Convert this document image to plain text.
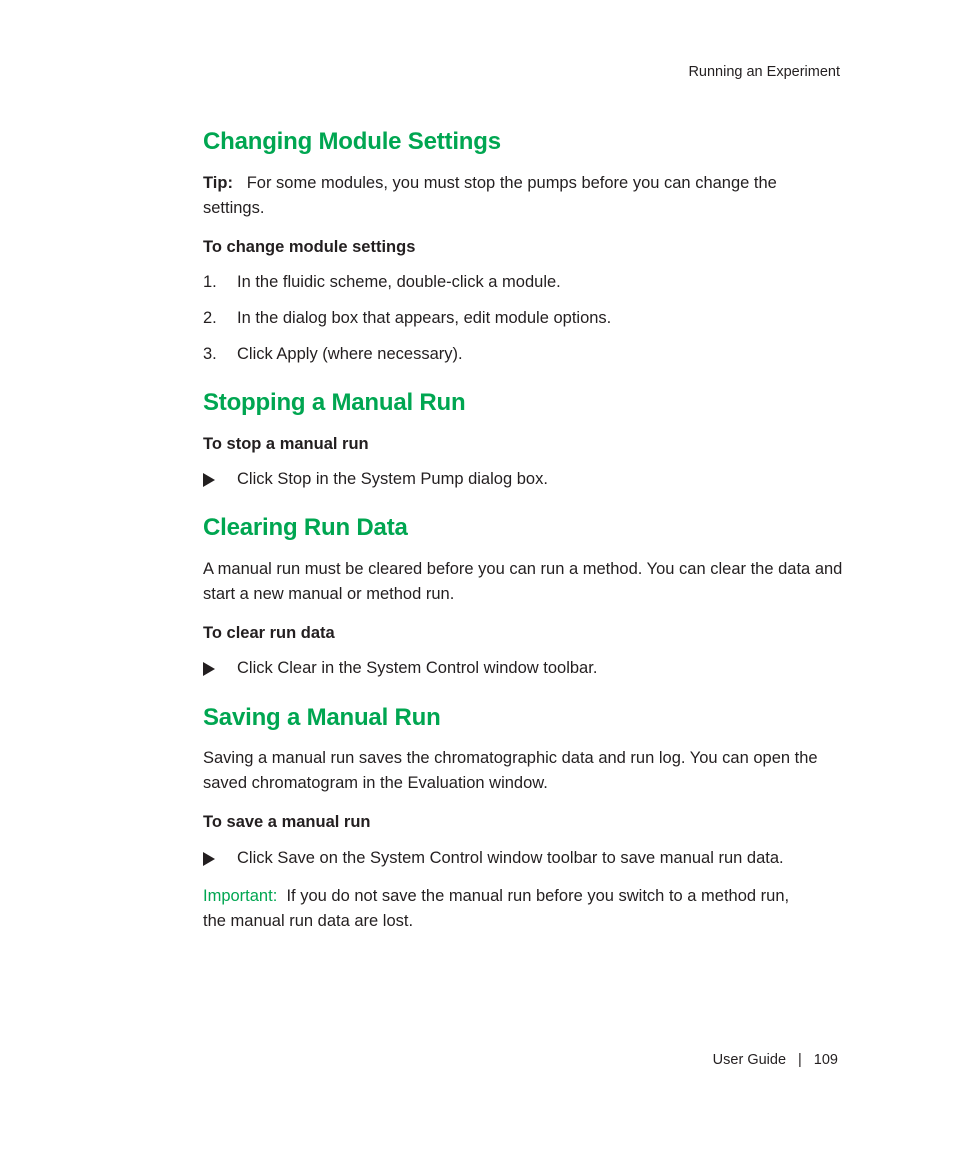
Running an Experiment
Changing Module Settings

Tip: For some modules, you must stop the pumps before you can change the settings.

To change module settings

1. In the fluidic scheme, double-click a module.
2. In the dialog box that appears, edit module options.
3. Click Apply (where necessary).
Stopping a Manual Run

To stop a manual run

Click Stop in the System Pump dialog box.
Clearing Run Data

A manual run must be cleared before you can run a method. You can clear the data and start a new manual or method run.

To clear run data

Click Clear in the System Control window toolbar.
Saving a Manual Run

Saving a manual run saves the chromatographic data and run log. You can open the saved chromatogram in the Evaluation window.

To save a manual run

Click Save on the System Control window toolbar to save manual run data.

Important: If you do not save the manual run before you switch to a method run, the manual run data are lost.

User Guide | 109
